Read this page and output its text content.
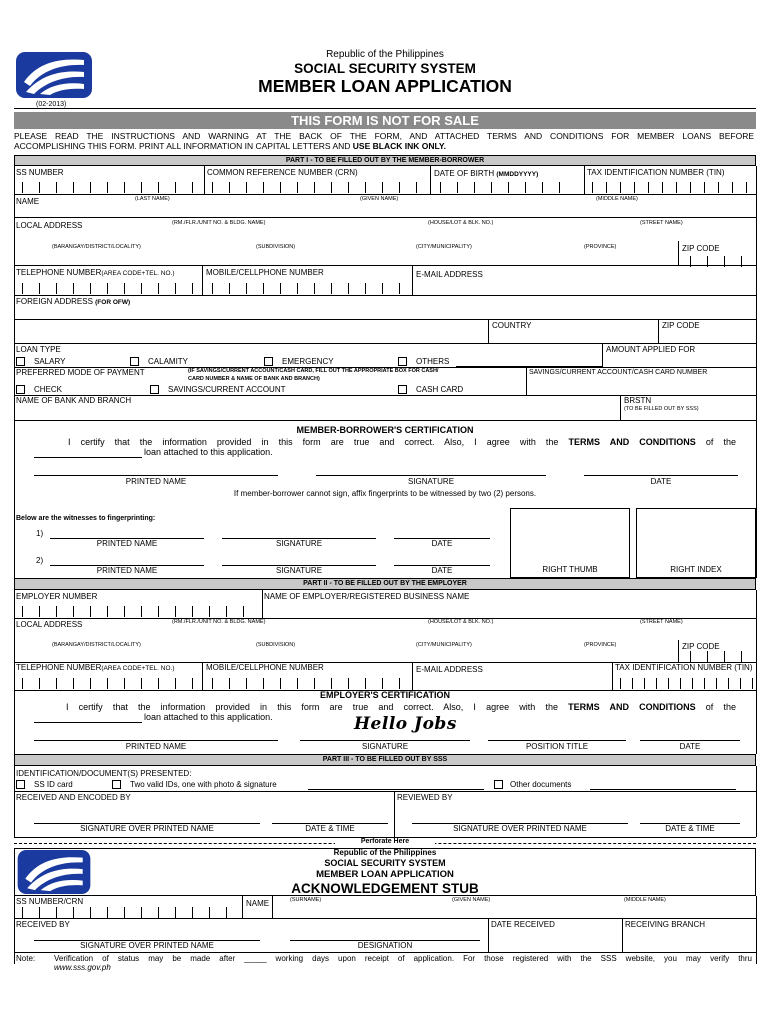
Republic of the Philippines
SOCIAL SECURITY SYSTEM
MEMBER LOAN APPLICATION
(02-2013)
THIS FORM IS NOT FOR SALE
PLEASE READ THE INSTRUCTIONS AND WARNING AT THE BACK OF THE FORM, AND ATTACHED TERMS AND CONDITIONS FOR MEMBER LOANS BEFORE
ACCOMPLISHING THIS FORM. PRINT ALL INFORMATION IN CAPITAL LETTERS AND USE BLACK INK ONLY.
PART I - TO BE FILLED OUT BY THE MEMBER-BORROWER
SS NUMBER	COMMON REFERENCE NUMBER (CRN)	DATE OF BIRTH (MMDDYYYY)	TAX IDENTIFICATION NUMBER (TIN)
NAME	(LAST NAME)	(GIVEN NAME)	(MIDDLE NAME)
LOCAL ADDRESS	(RM./FLR./UNIT NO. & BLDG. NAME)	(HOUSE/LOT & BLK. NO.)	(STREET NAME)
(BARANGAY/DISTRICT/LOCALITY)	(SUBDIVISION)	(CITY/MUNICIPALITY)	(PROVINCE)	ZIP CODE
TELEPHONE NUMBER(AREA CODE+TEL. NO.)	MOBILE/CELLPHONE NUMBER	E-MAIL ADDRESS
FOREIGN ADDRESS (FOR OFW)
COUNTRY	ZIP CODE
LOAN TYPE	AMOUNT APPLIED FOR
SALARY	CALAMITY	EMERGENCY	OTHERS
PREFERRED MODE OF PAYMENT	(IF SAVINGS/CURRENT ACCOUNT/CASH CARD, FILL OUT THE APPROPRIATE BOX FOR CASH/
CARD NUMBER & NAME OF BANK AND BRANCH)
SAVINGS/CURRENT ACCOUNT/CASH CARD NUMBER
CHECK	SAVINGS/CURRENT ACCOUNT	CASH CARD
NAME OF BANK AND BRANCH	BRSTN
(TO BE FILLED OUT BY SSS)
MEMBER-BORROWER'S CERTIFICATION
I certify that the information provided in this form are true and correct. Also, I agree with the TERMS AND CONDITIONS of the
loan attached to this application.
PRINTED NAME	SIGNATURE	DATE
If member-borrower cannot sign, affix fingerprints to be witnessed by two (2) persons.
Below are the witnesses to fingerprinting:
1)
PRINTED NAME	SIGNATURE	DATE
2)
PRINTED NAME	SIGNATURE	DATE	RIGHT THUMB	RIGHT INDEX
PART II - TO BE FILLED OUT BY THE EMPLOYER
EMPLOYER NUMBER	NAME OF EMPLOYER/REGISTERED BUSINESS NAME
LOCAL ADDRESS	(RM./FLR./UNIT NO. & BLDG. NAME)	(HOUSE/LOT & BLK. NO.)	(STREET NAME)
(BARANGAY/DISTRICT/LOCALITY)	(SUBDIVISION)	(CITY/MUNICIPALITY)	(PROVINCE)	ZIP CODE
TELEPHONE NUMBER(AREA CODE+TEL. NO.)	MOBILE/CELLPHONE NUMBER	E-MAIL ADDRESS	TAX IDENTIFICATION NUMBER (TIN)
EMPLOYER'S CERTIFICATION
I certify that the information provided in this form are true and correct. Also, I agree with the TERMS AND CONDITIONS of the
loan attached to this application.	Hello Jobs
PRINTED NAME	SIGNATURE	POSITION TITLE	DATE
PART III - TO BE FILLED OUT BY SSS
IDENTIFICATION/DOCUMENT(S) PRESENTED:
SS ID card	Two valid IDs, one with photo & signature	Other documents
RECEIVED AND ENCODED BY	REVIEWED BY
SIGNATURE OVER PRINTED NAME	DATE & TIME	SIGNATURE OVER PRINTED NAME	DATE & TIME
Perforate Here
Republic of the Philippines
SOCIAL SECURITY SYSTEM
MEMBER LOAN APPLICATION
ACKNOWLEDGEMENT STUB
SS NUMBER/CRN	NAME	(SURNAME)	(GIVEN NAME)	(MIDDLE NAME)
RECEIVED BY	DATE RECEIVED	RECEIVING BRANCH
SIGNATURE OVER PRINTED NAME	DESIGNATION
Note: Verification of status may be made after _____ working days upon receipt of application. For those registered with the SSS website, you may verify thru
www.sss.gov.ph
